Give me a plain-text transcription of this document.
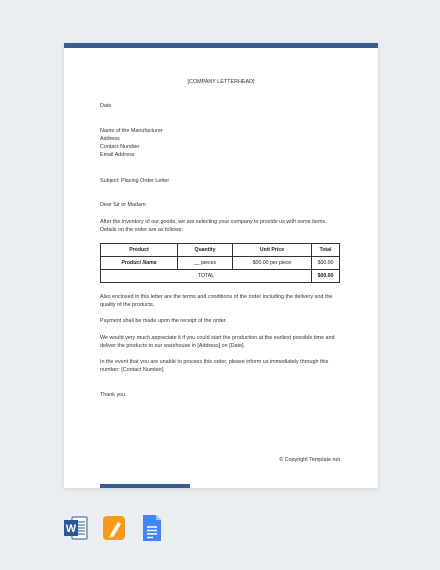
[COMPANY LETTERHEAD]
Date
Name of the Manufacturer
Address
Contact Number
Email Address
Subject: Placing Order Letter
Dear Sir or Madam:
After the inventory of our goods, we are selecting your company to provide us with some items. Details on the order are as follows:
Product	Quantity	Unit Price	Total
Product Name	__ pieces	$00.00 per piece	$00.00
TOTAL			$00.00
Also enclosed in this letter are the terms and conditions of the order including the delivery and the quality of the products.
Payment shall be made upon the receipt of the order.
We would very much appreciate it if you could start the production at the earliest possible time and deliver the products to our warehouse in [Address] on [Date].
In the event that you are unable to process this order, please inform us immediately through this number: [Contact Number]
Thank you.
© Copyright Template.net
W
